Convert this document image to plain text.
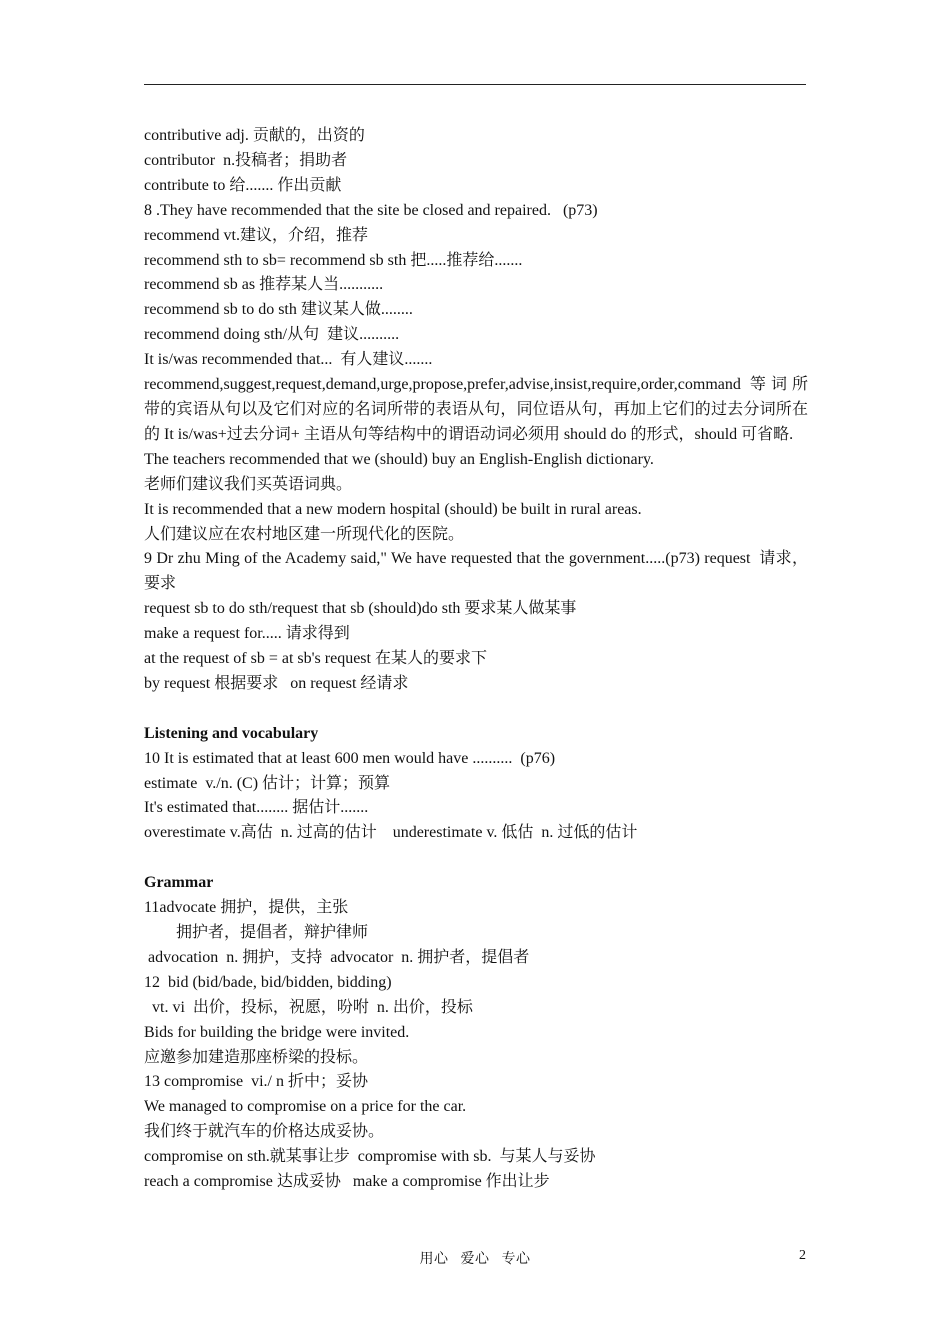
contributive adj. 贡献的，出资的
contributor  n.投稿者；捐助者
contribute to 给....... 作出贡献
8 .They have recommended that the site be closed and repaired.   (p73)
recommend vt.建议，介绍，推荐
recommend sth to sb= recommend sb sth 把.....推荐给.......
recommend sb as 推荐某人当...........
recommend sb to do sth 建议某人做........
recommend doing sth/从句  建议..........
It is/was recommended that...  有人建议.......
recommend,suggest,request,demand,urge,propose,prefer,advise,insist,require,order,command 等词所带的宾语从句以及它们对应的名词所带的表语从句，同位语从句，再加上它们的过去分词所在的 It is/was+过去分词+ 主语从句等结构中的谓语动词必须用 should do 的形式，should 可省略.
The teachers recommended that we (should) buy an English-English dictionary.
老师们建议我们买英语词典。
It is recommended that a new modern hospital (should) be built in rural areas.
人们建议应在农村地区建一所现代化的医院。
9 Dr zhu Ming of the Academy said," We have requested that the government.....(p73) request  请求，要求
request sb to do sth/request that sb (should)do sth 要求某人做某事
make a request for..... 请求得到
at the request of sb = at sb's request 在某人的要求下
by request 根据要求   on request 经请求
Listening and vocabulary
10 It is estimated that at least 600 men would have ..........  (p76)
estimate  v./n. (C) 估计；计算；预算
It's estimated that........ 据估计.......
overestimate v.高估  n. 过高的估计    underestimate v. 低估  n. 过低的估计
Grammar
11advocate 拥护，提供，主张
拥护者，提倡者，辩护律师
advocation  n. 拥护，支持  advocator  n. 拥护者，提倡者
12  bid (bid/bade, bid/bidden, bidding)
vt. vi  出价，投标，祝愿，吩咐  n. 出价，投标
Bids for building the bridge were invited.
应邀参加建造那座桥梁的投标。
13 compromise  vi./ n 折中；妥协
We managed to compromise on a price for the car.
我们终于就汽车的价格达成妥协。
compromise on sth.就某事让步  compromise with sb.  与某人与妥协
reach a compromise 达成妥协   make a compromise 作出让步
用心   爱心   专心	2
